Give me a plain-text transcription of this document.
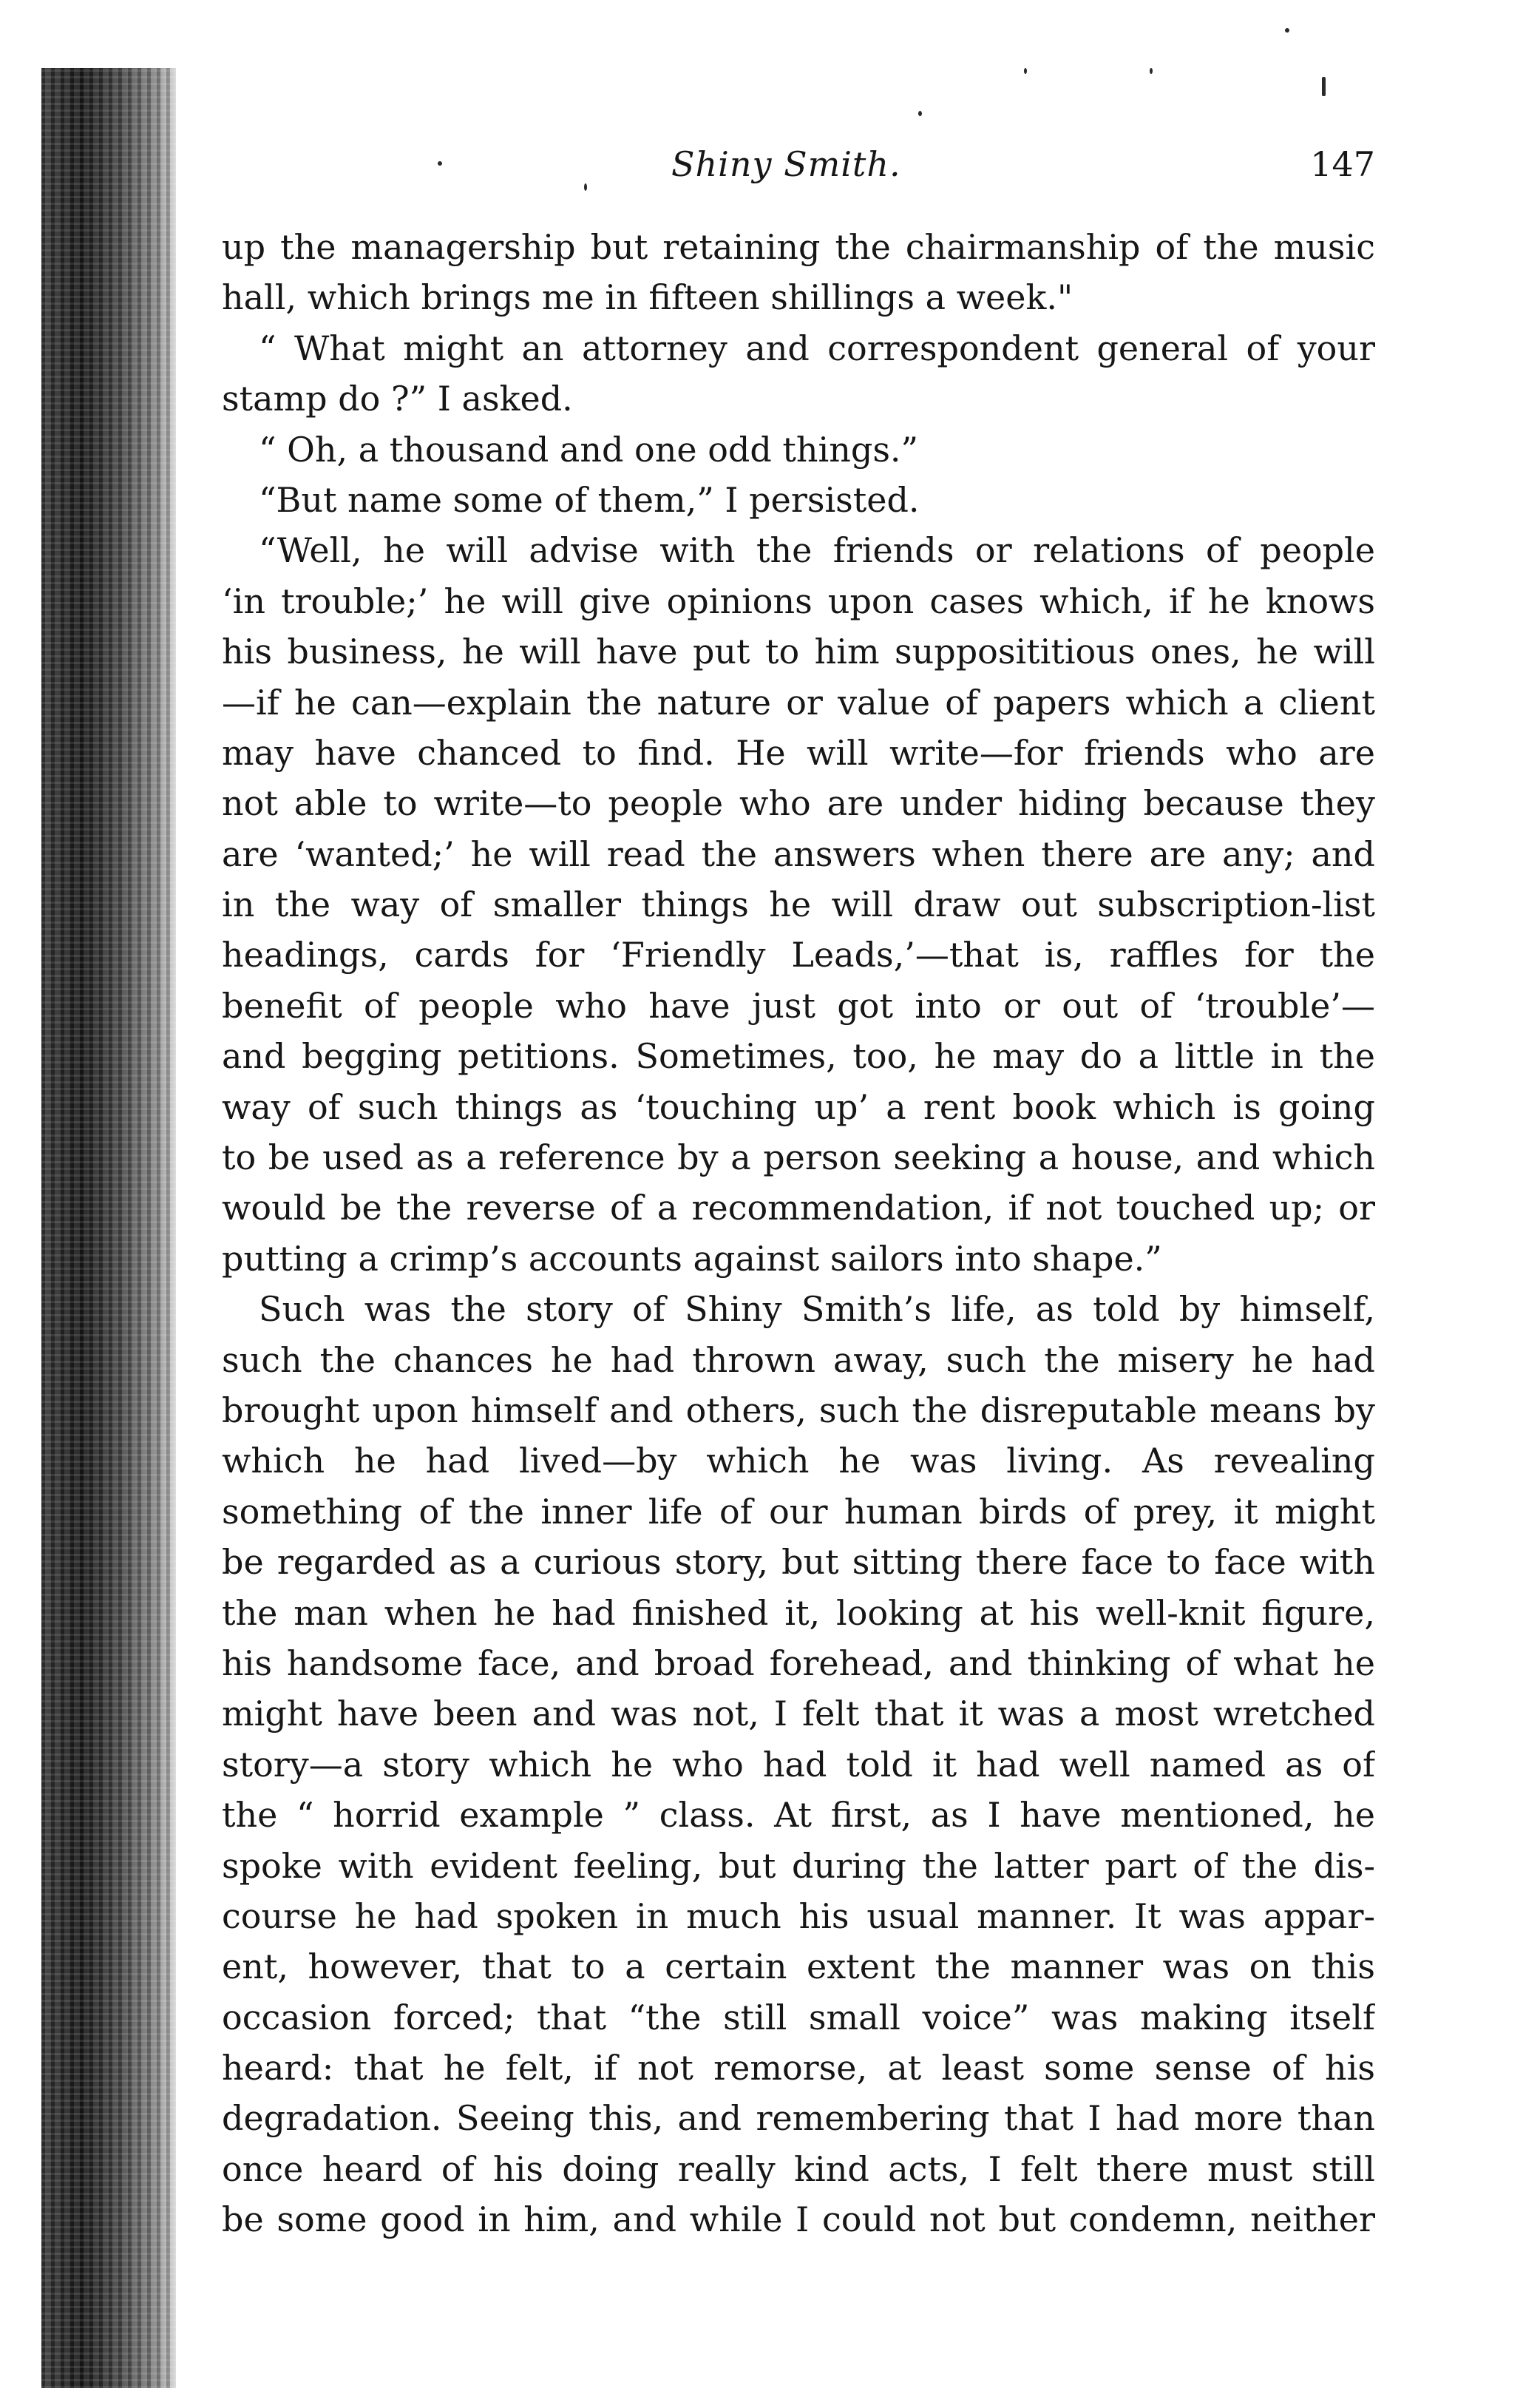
Shiny Smith.	147
up the managership but retaining the chairmanship of the music
hall, which brings me in fifteen shillings a week."
“ What might an attorney and correspondent general of your
stamp do ?” I asked.
“ Oh, a thousand and one odd things.”
“But name some of them,” I persisted.
“Well, he will advise with the friends or relations of people
‘in trouble;’ he will give opinions upon cases which, if he knows
his business, he will have put to him supposititious ones, he will
—if he can—explain the nature or value of papers which a client
may have chanced to find. He will write—for friends who are
not able to write—to people who are under hiding because they
are ‘wanted;’ he will read the answers when there are any; and
in the way of smaller things he will draw out subscription-list
headings, cards for ‘Friendly Leads,’—that is, raffles for the
benefit of people who have just got into or out of ‘trouble’—
and begging petitions. Sometimes, too, he may do a little in the
way of such things as ‘touching up’ a rent book which is going
to be used as a reference by a person seeking a house, and which
would be the reverse of a recommendation, if not touched up; or
putting a crimp’s accounts against sailors into shape.”
Such was the story of Shiny Smith’s life, as told by himself,
such the chances he had thrown away, such the misery he had
brought upon himself and others, such the disreputable means by
which he had lived—by which he was living. As revealing
something of the inner life of our human birds of prey, it might
be regarded as a curious story, but sitting there face to face with
the man when he had finished it, looking at his well-knit figure,
his handsome face, and broad forehead, and thinking of what he
might have been and was not, I felt that it was a most wretched
story—a story which he who had told it had well named as of
the “ horrid example ” class. At first, as I have mentioned, he
spoke with evident feeling, but during the latter part of the dis-
course he had spoken in much his usual manner. It was appar-
ent, however, that to a certain extent the manner was on this
occasion forced; that “the still small voice” was making itself
heard: that he felt, if not remorse, at least some sense of his
degradation. Seeing this, and remembering that I had more than
once heard of his doing really kind acts, I felt there must still
be some good in him, and while I could not but condemn, neither
